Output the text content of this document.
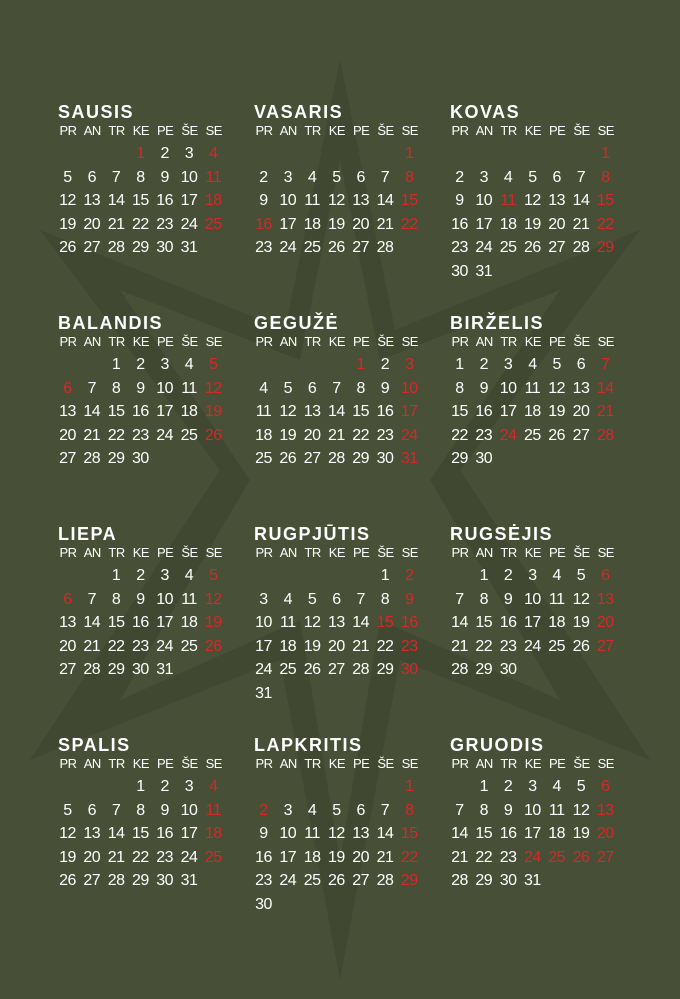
SAUSIS
PR AN TR KE PE ŠE SE
1 2 3 4
5 6 7 8 9 10 11
12 13 14 15 16 17 18
19 20 21 22 23 24 25
26 27 28 29 30 31
VASARIS
PR AN TR KE PE ŠE SE
1
2 3 4 5 6 7 8
9 10 11 12 13 14 15
16 17 18 19 20 21 22
23 24 25 26 27 28
KOVAS
PR AN TR KE PE ŠE SE
1
2 3 4 5 6 7 8
9 10 11 12 13 14 15
16 17 18 19 20 21 22
23 24 25 26 27 28 29
30 31
BALANDIS
PR AN TR KE PE ŠE SE
1 2 3 4 5
6 7 8 9 10 11 12
13 14 15 16 17 18 19
20 21 22 23 24 25 26
27 28 29 30
GEGUŽĖ
PR AN TR KE PE ŠE SE
1 2 3
4 5 6 7 8 9 10
11 12 13 14 15 16 17
18 19 20 21 22 23 24
25 26 27 28 29 30 31
BIRŽELIS
PR AN TR KE PE ŠE SE
1 2 3 4 5 6 7
8 9 10 11 12 13 14
15 16 17 18 19 20 21
22 23 24 25 26 27 28
29 30
LIEPA
PR AN TR KE PE ŠE SE
1 2 3 4 5
6 7 8 9 10 11 12
13 14 15 16 17 18 19
20 21 22 23 24 25 26
27 28 29 30 31
RUGPJŪTIS
PR AN TR KE PE ŠE SE
1 2
3 4 5 6 7 8 9
10 11 12 13 14 15 16
17 18 19 20 21 22 23
24 25 26 27 28 29 30
31
RUGSĖJIS
PR AN TR KE PE ŠE SE
1 2 3 4 5 6
7 8 9 10 11 12 13
14 15 16 17 18 19 20
21 22 23 24 25 26 27
28 29 30
SPALIS
PR AN TR KE PE ŠE SE
1 2 3 4
5 6 7 8 9 10 11
12 13 14 15 16 17 18
19 20 21 22 23 24 25
26 27 28 29 30 31
LAPKRITIS
PR AN TR KE PE ŠE SE
1
2 3 4 5 6 7 8
9 10 11 12 13 14 15
16 17 18 19 20 21 22
23 24 25 26 27 28 29
30
GRUODIS
PR AN TR KE PE ŠE SE
1 2 3 4 5 6
7 8 9 10 11 12 13
14 15 16 17 18 19 20
21 22 23 24 25 26 27
28 29 30 31
